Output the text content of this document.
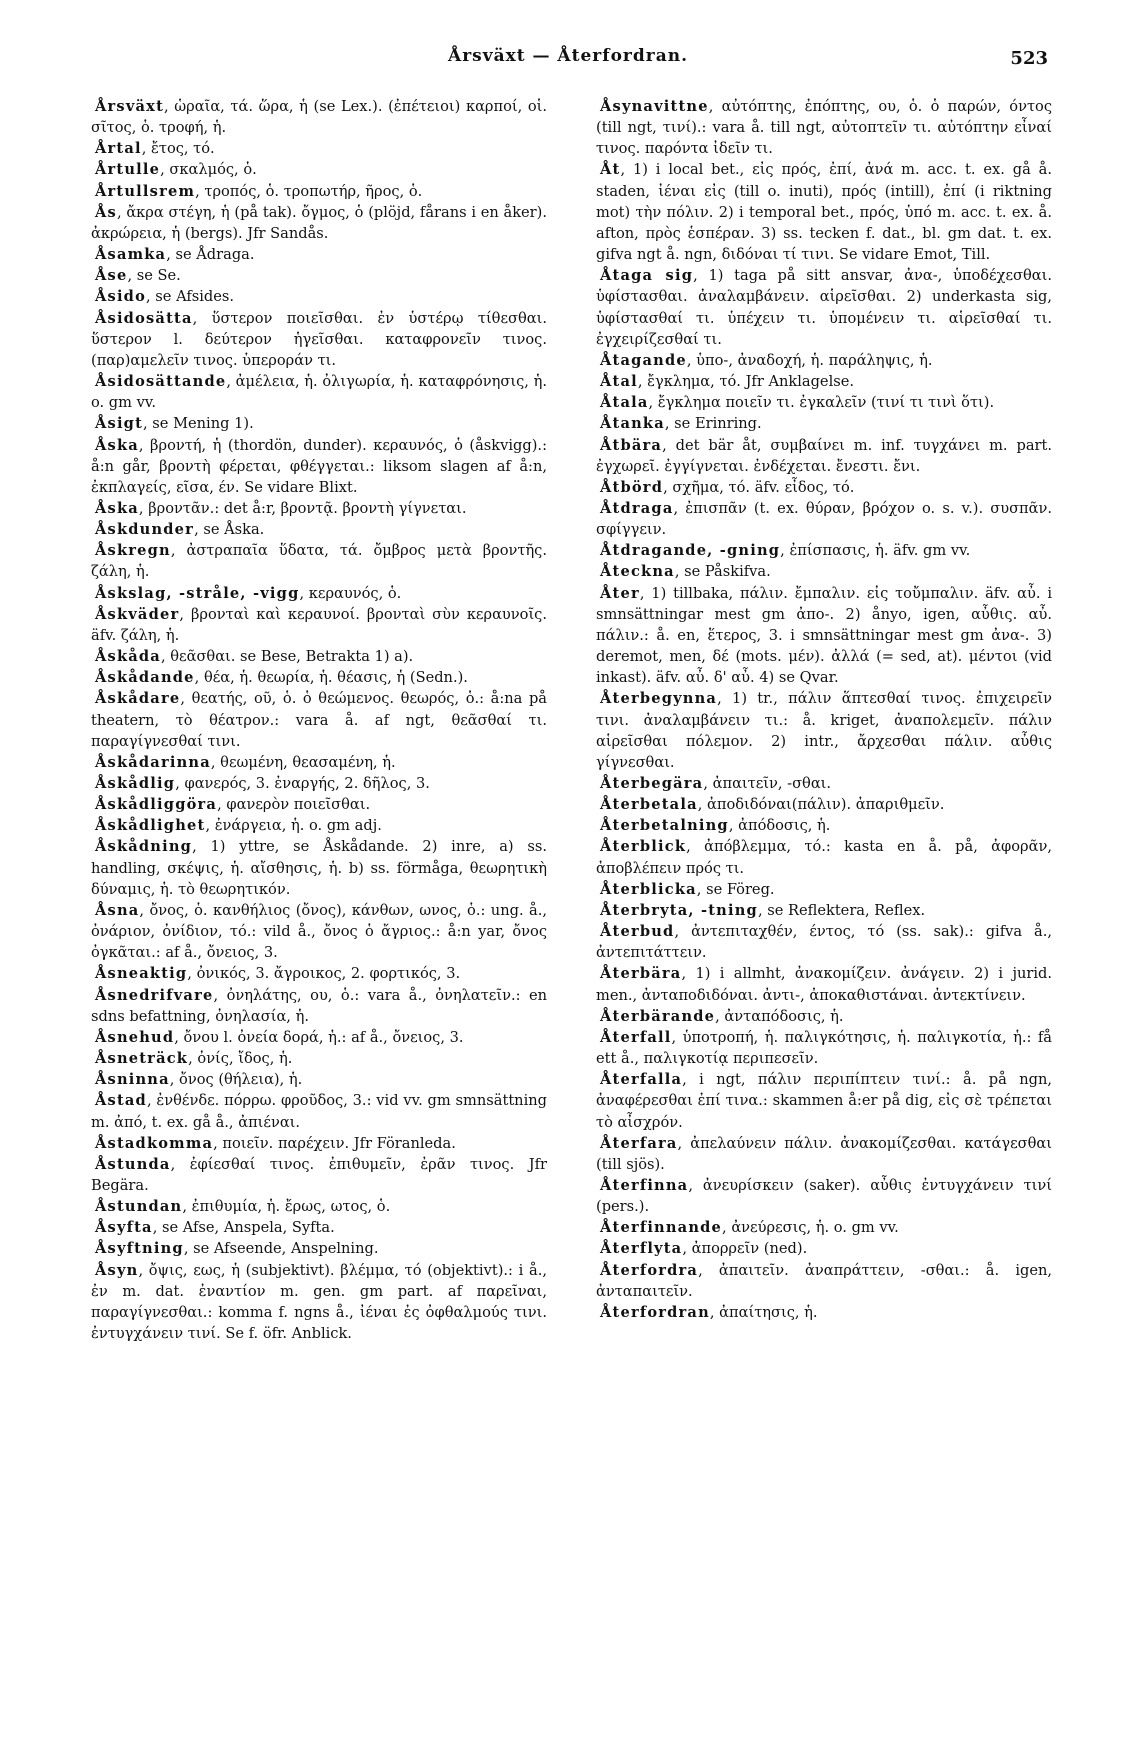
Årsväxt — Återfordran.	523

Årsväxt, ὡραῖα, τά. ὥρα, ἡ (se Lex.). (ἐπέτειοι) καρποί, οἱ. σῖτος, ὁ. τροφή, ἡ.

Årtal, ἔτος, τό.

Årtulle, σκαλμός, ὁ.

Årtullsrem, τροπός, ὁ. τροπωτήρ, ῆρος, ὁ.

Ås, ἄκρα στέγη, ἡ (på tak). ὄγμος, ὁ (plöjd, fårans i en åker). ἀκρώρεια, ἡ (bergs). Jfr Sandås.

Åsamka, se Ådraga.

Åse, se Se.

Åsido, se Afsides.

Åsidosätta, ὕστερον ποιεῖσθαι. ἐν ὑστέρῳ τίθεσθαι. ὕστερον l. δεύτερον ἡγεῖσθαι. καταφρονεῖν τινος. (παρ)αμελεῖν τινος. ὑπεροράν τι.

Åsidosättande, ἀμέλεια, ἡ. ὀλιγωρία, ἡ. καταφρόνησις, ἡ. o. gm vv.

Åsigt, se Mening 1).

Åska, βροντή, ἡ (thordön, dunder). κεραυνός, ὁ (åskvigg).: å:n går, βροντὴ φέρεται, φθέγγεται.: liksom slagen af å:n, ἐκπλαγείς, εῖσα, έν. Se vidare Blixt.

Åska, βροντᾶν.: det å:r, βροντᾷ. βροντὴ γίγνεται.

Åskdunder, se Åska.

Åskregn, ἀστραπαῖα ὕδατα, τά. ὄμβρος μετὰ βροντῆς. ζάλη, ἡ.

Åskslag, -stråle, -vigg, κεραυνός, ὁ.

Åskväder, βρονταὶ καὶ κεραυνοί. βρονταὶ σὺν κεραυνοῖς. äfv. ζάλη, ἡ.

Åskåda, θεᾶσθαι. se Bese, Betrakta 1) a).

Åskådande, θέα, ἡ. θεωρία, ἡ. θέασις, ἡ (Sedn.).

Åskådare, θεατής, οῦ, ὁ. ὁ θεώμενος. θεωρός, ὁ.: å:na på theatern, τὸ θέατρον.: vara å. af ngt, θεᾶσθαί τι. παραγίγνεσθαί τινι.

Åskådarinna, θεωμένη, θεασαμένη, ἡ.

Åskådlig, φανερός, 3. ἐναργής, 2. δῆλος, 3.

Åskådliggöra, φανερὸν ποιεῖσθαι.

Åskådlighet, ἐνάργεια, ἡ. o. gm adj.

Åskådning, 1) yttre, se Åskådande. 2) inre, a) ss. handling, σκέψις, ἡ. αἴσθησις, ἡ. b) ss. förmåga, θεωρητικὴ δύναμις, ἡ. τὸ θεωρητικόν.

Åsna, ὄνος, ὁ. κανθήλιος (ὄνος), κάνθων, ωνος, ὁ.: ung. å., ὀνάριον, ὀνίδιον, τό.: vild å., ὄνος ὁ ἄγριος.: å:n yar, ὄνος ὀγκᾶται.: af å., ὄνειος, 3.

Åsneaktig, ὀνικός, 3. ἄγροικος, 2. φορτικός, 3.

Åsnedrifvare, ὀνηλάτης, ου, ὁ.: vara å., ὀνηλατεῖν.: en sdns befattning, ὀνηλασία, ἡ.

Åsnehud, ὄνου l. ὀνεία δορά, ἡ.: af å., ὄνειος, 3.

Åsneträck, ὀνίς, ἴδος, ἡ.

Åsninna, ὄνος (θήλεια), ἡ.

Åstad, ἐνθένδε. πόρρω. φροῦδος, 3.: vid vv. gm smnsättning m. ἀπό, t. ex. gå å., ἀπιέναι.

Åstadkomma, ποιεῖν. παρέχειν. Jfr Föranleda.

Åstunda, ἐφίεσθαί τινος. ἐπιθυμεῖν, ἐρᾶν τινος. Jfr Begära.

Åstundan, ἐπιθυμία, ἡ. ἔρως, ωτος, ὁ.

Åsyfta, se Afse, Anspela, Syfta.

Åsyftning, se Afseende, Anspelning.

Åsyn, ὄψις, εως, ἡ (subjektivt). βλέμμα, τό (objektivt).: i å., ἐν m. dat. ἐναντίον m. gen. gm part. af παρεῖναι, παραγίγνεσθαι.: komma f. ngns å., ἰέναι ἐς ὀφθαλμούς τινι. ἐντυγχάνειν τινί. Se f. öfr. Anblick.

Åsynavittne, αὐτόπτης, ἐπόπτης, ου, ὁ. ὁ παρών, όντος (till ngt, τινί).: vara å. till ngt, αὐτοπτεῖν τι. αὐτόπτην εἶναί τινος. παρόντα ἰδεῖν τι.

Åt, 1) i local bet., εἰς πρός, ἐπί, ἀνά m. acc. t. ex. gå å. staden, ἰέναι εἰς (till o. inuti), πρός (intill), ἐπί (i riktning mot) τὴν πόλιν. 2) i temporal bet., πρός, ὑπό m. acc. t. ex. å. afton, πρὸς ἑσπέραν. 3) ss. tecken f. dat., bl. gm dat. t. ex. gifva ngt å. ngn, διδόναι τί τινι. Se vidare Emot, Till.

Åtaga sig, 1) taga på sitt ansvar, ἀνα-, ὑποδέχεσθαι. ὑφίστασθαι. ἀναλαμβάνειν. αἱρεῖσθαι. 2) underkasta sig, ὑφίστασθαί τι. ὑπέχειν τι. ὑπομένειν τι. αἱρεῖσθαί τι. ἐγχειρίζεσθαί τι.

Åtagande, ὑπο-, ἀναδοχή, ἡ. παράληψις, ἡ.

Åtal, ἔγκλημα, τό. Jfr Anklagelse.

Åtala, ἔγκλημα ποιεῖν τι. ἐγκαλεῖν (τινί τι τινὶ ὅτι).

Åtanka, se Erinring.

Åtbära, det bär åt, συμβαίνει m. inf. τυγχάνει m. part. ἐγχωρεῖ. ἐγγίγνεται. ἐνδέχεται. ἔνεστι. ἔνι.

Åtbörd, σχῆμα, τό. äfv. εἶδος, τό.

Åtdraga, ἐπισπᾶν (t. ex. θύραν, βρόχον o. s. v.). συσπᾶν. σφίγγειν.

Åtdragande, -gning, ἐπίσπασις, ἡ. äfv. gm vv.

Åteckna, se Påskifva.

Åter, 1) tillbaka, πάλιν. ἔμπαλιν. εἰς τοὔμπαλιν. äfv. αὖ. i smnsättningar mest gm ἀπο-. 2) ånyo, igen, αὖθις. αὖ. πάλιν.: å. en, ἕτερος, 3. i smnsättningar mest gm ἀνα-. 3) deremot, men, δέ (mots. μέν). ἀλλά (= sed, at). μέντοι (vid inkast). äfv. αὖ. δ' αὖ. 4) se Qvar.

Återbegynna, 1) tr., πάλιν ἅπτεσθαί τινος. ἐπιχειρεῖν τινι. ἀναλαμβάνειν τι.: å. kriget, ἀναπολεμεῖν. πάλιν αἱρεῖσθαι πόλεμον. 2) intr., ἄρχεσθαι πάλιν. αὖθις γίγνεσθαι.

Återbegära, ἀπαιτεῖν, -σθαι.

Återbetala, ἀποδιδόναι(πάλιν). ἀπαριθμεῖν.

Återbetalning, ἀπόδοσις, ἡ.

Återblick, ἀπόβλεμμα, τό.: kasta en å. på, ἀφορᾶν, ἀποβλέπειν πρός τι.

Återblicka, se Föreg.

Återbryta, -tning, se Reflektera, Reflex.

Återbud, ἀντεπιταχθέν, έντος, τό (ss. sak).: gifva å., ἀντεπιτάττειν.

Återbära, 1) i allmht, ἀνακομίζειν. ἀνάγειν. 2) i jurid. men., ἀνταποδιδόναι. ἀντι-, ἀποκαθιστάναι. ἀντεκτίνειν.

Återbärande, ἀνταπόδοσις, ἡ.

Återfall, ὑποτροπή, ἡ. παλιγκότησις, ἡ. παλιγκοτία, ἡ.: få ett å., παλιγκοτίᾳ περιπεσεῖν.

Återfalla, i ngt, πάλιν περιπίπτειν τινί.: å. på ngn, ἀναφέρεσθαι ἐπί τινα.: skammen å:er på dig, εἰς σὲ τρέπεται τὸ αἶσχρόν.

Återfara, ἀπελαύνειν πάλιν. ἀνακομίζεσθαι. κατάγεσθαι (till sjös).

Återfinna, ἀνευρίσκειν (saker). αὖθις ἐντυγχάνειν τινί (pers.).

Återfinnande, ἀνεύρεσις, ἡ. o. gm vv.

Återflyta, ἀπορρεῖν (ned).

Återfordra, ἀπαιτεῖν. ἀναπράττειν, -σθαι.: å. igen, ἀνταπαιτεῖν.

Återfordran, ἀπαίτησις, ἡ.
